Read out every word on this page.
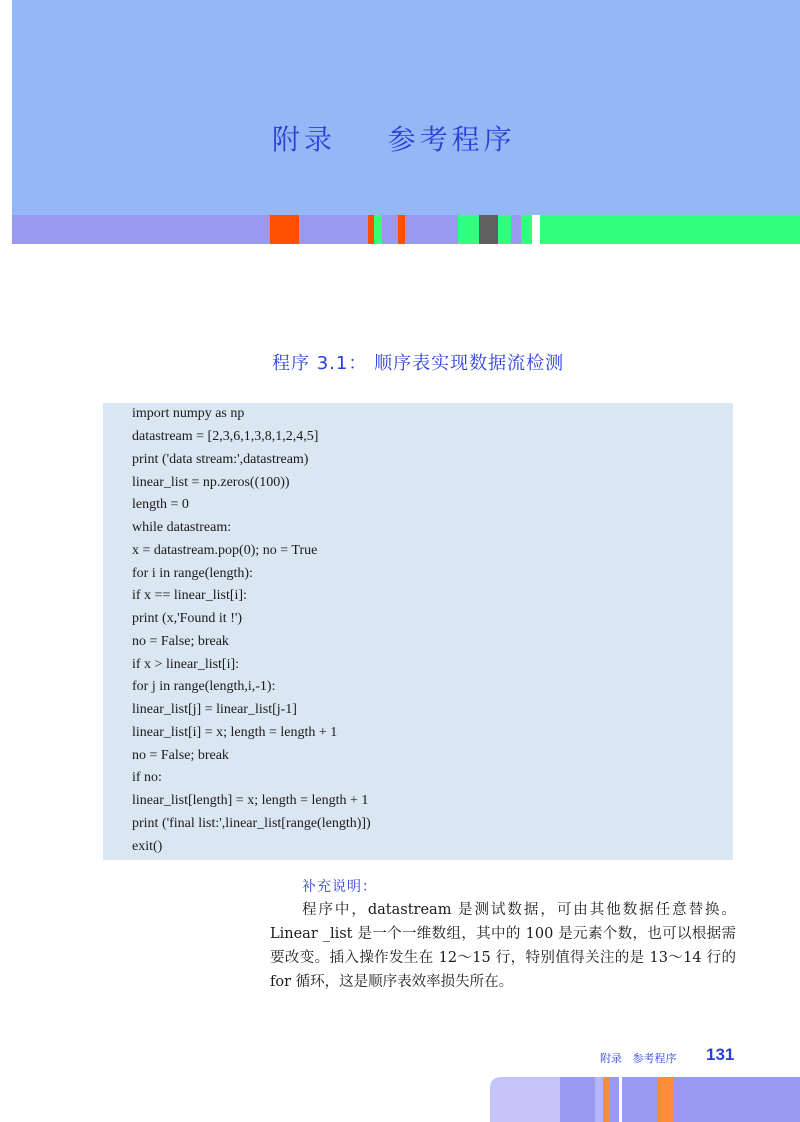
附录    参考程序
程序 3.1： 顺序表实现数据流检测
import numpy as np
datastream = [2,3,6,1,3,8,1,2,4,5]
print ('data stream:',datastream)
linear_list = np.zeros((100))
length = 0
while datastream:
x = datastream.pop(0); no = True
for i in range(length):
if x == linear_list[i]:
print (x,'Found it !')
no = False; break
if x > linear_list[i]:
for j in range(length,i,-1):
linear_list[j] = linear_list[j-1]
linear_list[i] = x; length = length + 1
no = False; break
if no:
linear_list[length] = x; length = length + 1
print ('final list:',linear_list[range(length)])
exit()
补充说明：
程序中，datastream 是测试数据，可由其他数据任意替换。Linear _list 是一个一维数组，其中的 100 是元素个数，也可以根据需要改变。插入操作发生在 12～15 行，特别值得关注的是 13～14 行的 for 循环，这是顺序表效率损失所在。
附录   参考程序 131
